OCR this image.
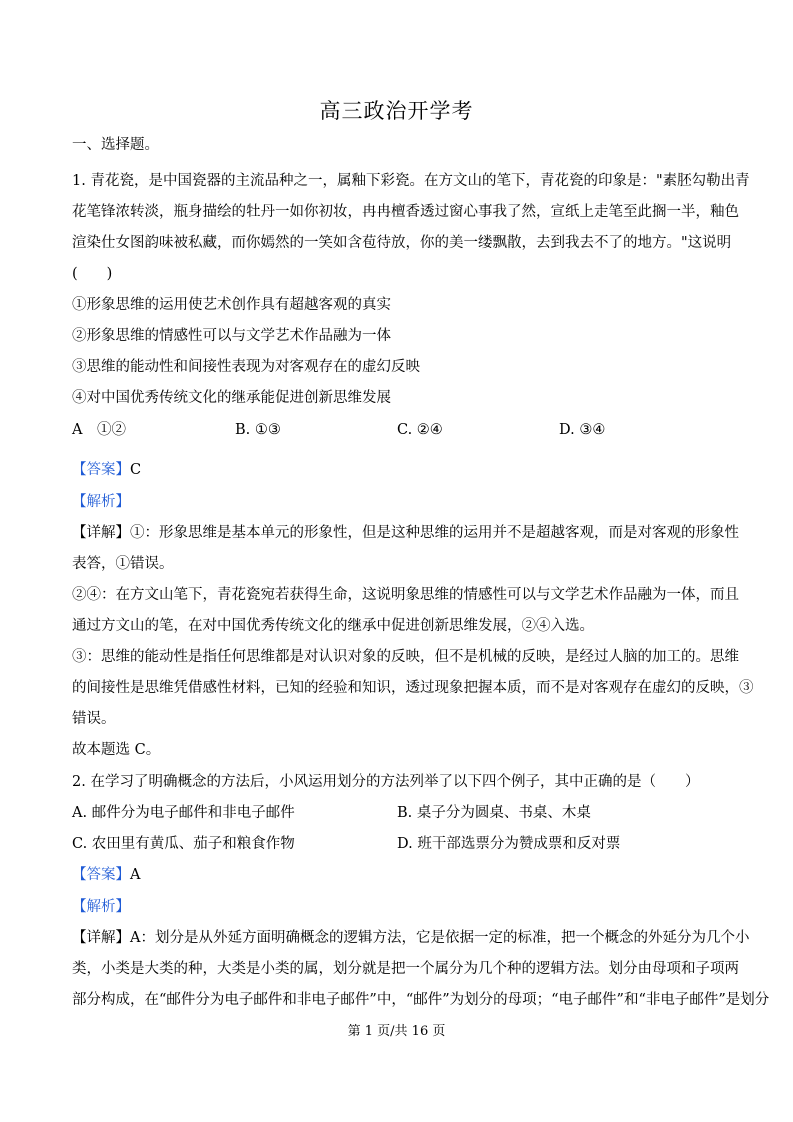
高三政治开学考
一、选择题。
1. 青花瓷，是中国瓷器的主流品种之一，属釉下彩瓷。在方文山的笔下，青花瓷的印象是："素胚勾勒出青
花笔锋浓转淡，瓶身描绘的牡丹一如你初妆，冉冉檀香透过窗心事我了然，宣纸上走笔至此搁一半，釉色
渲染仕女图韵味被私藏，而你嫣然的一笑如含苞待放，你的美一缕飘散，去到我去不了的地方。"这说明
(　　)
①形象思维的运用使艺术创作具有超越客观的真实
②形象思维的情感性可以与文学艺术作品融为一体
③思维的能动性和间接性表现为对客观存在的虚幻反映
④对中国优秀传统文化的继承能促进创新思维发展
A　①②	B. ①③	C. ②④	D. ③④
【答案】C
【解析】
【详解】①：形象思维是基本单元的形象性，但是这种思维的运用并不是超越客观，而是对客观的形象性
表答，①错误。
②④：在方文山笔下，青花瓷宛若获得生命，这说明象思维的情感性可以与文学艺术作品融为一体，而且
通过方文山的笔，在对中国优秀传统文化的继承中促进创新思维发展，②④入选。
③：思维的能动性是指任何思维都是对认识对象的反映，但不是机械的反映，是经过人脑的加工的。思维
的间接性是思维凭借感性材料，已知的经验和知识，透过现象把握本质，而不是对客观存在虚幻的反映，③
错误。
故本题选 C。
2. 在学习了明确概念的方法后，小风运用划分的方法列举了以下四个例子，其中正确的是（　　）
A. 邮件分为电子邮件和非电子邮件	B. 桌子分为圆桌、书桌、木桌
C. 农田里有黄瓜、茄子和粮食作物	D. 班干部选票分为赞成票和反对票
【答案】A
【解析】
【详解】A：划分是从外延方面明确概念的逻辑方法，它是依据一定的标准，把一个概念的外延分为几个小
类，小类是大类的种，大类是小类的属，划分就是把一个属分为几个种的逻辑方法。划分由母项和子项两
部分构成，在“邮件分为电子邮件和非电子邮件”中，“邮件”为划分的母项；“电子邮件”和“非电子邮件”是划分
第 1 页/共 16 页
